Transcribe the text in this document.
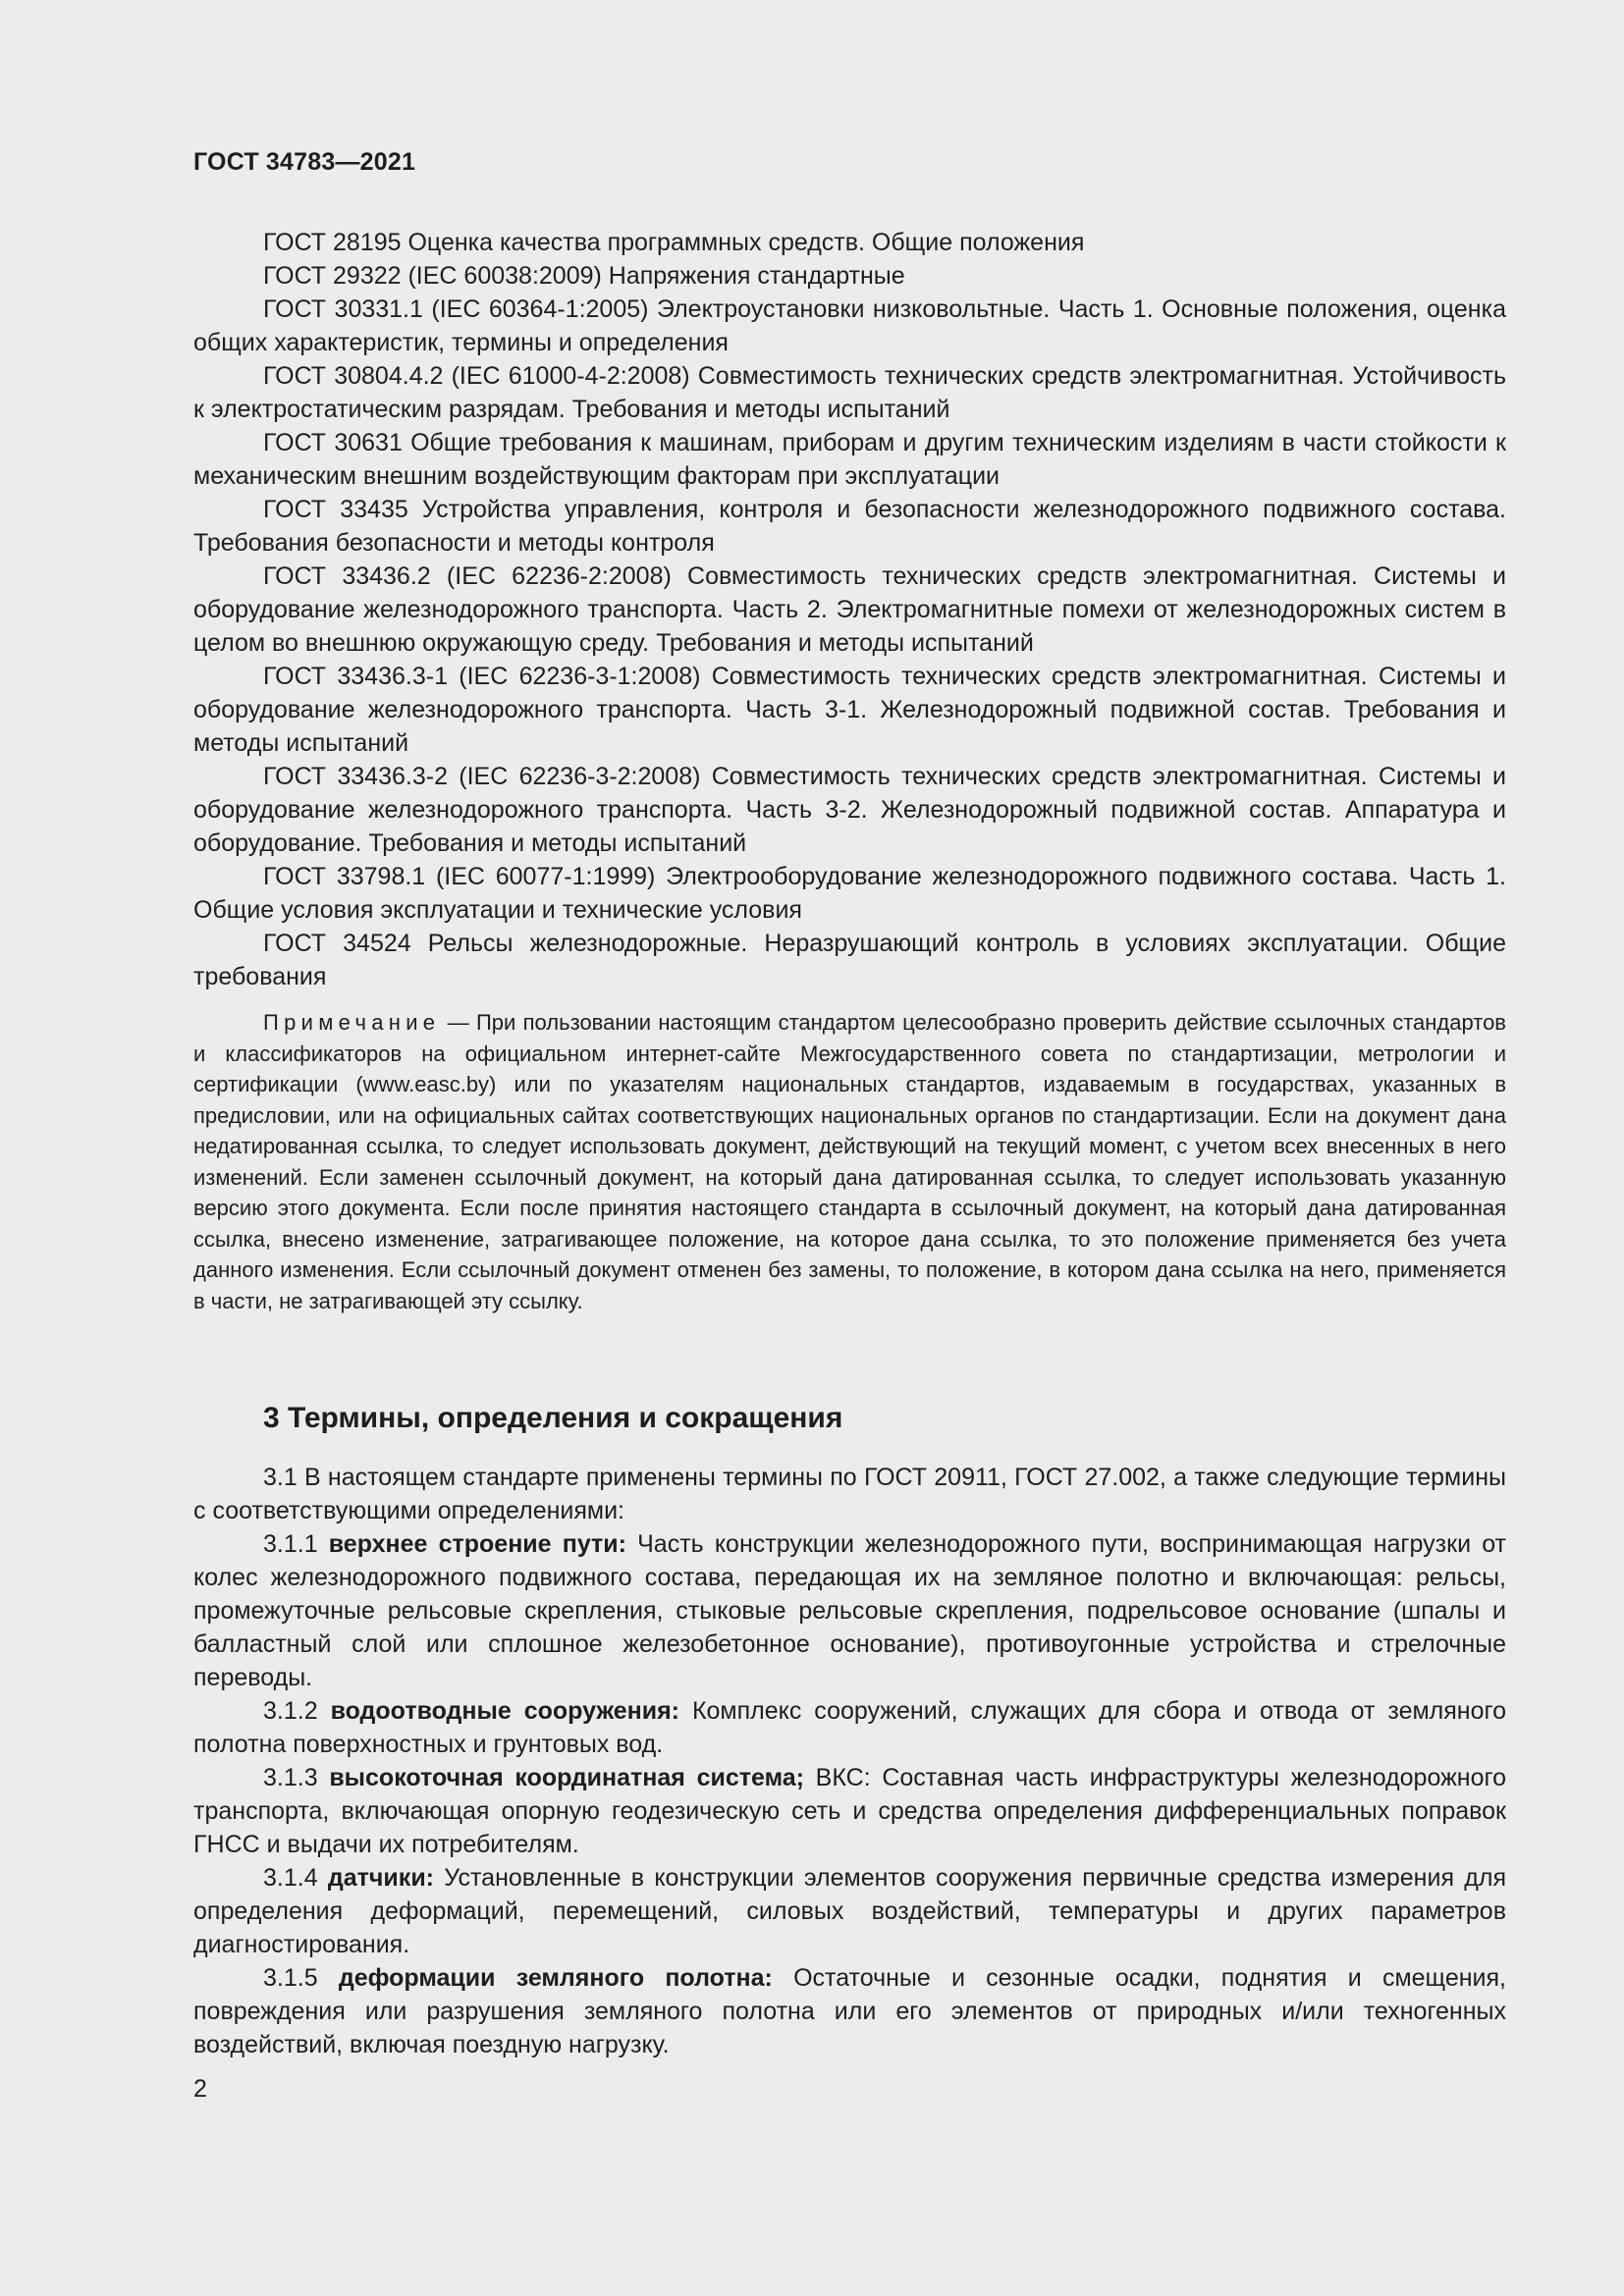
ГОСТ 34783—2021

ГОСТ 28195 Оценка качества программных средств. Общие положения

ГОСТ 29322 (IEC 60038:2009) Напряжения стандартные

ГОСТ 30331.1 (IEC 60364-1:2005) Электроустановки низковольтные. Часть 1. Основные положения, оценка общих характеристик, термины и определения

ГОСТ 30804.4.2 (IEC 61000-4-2:2008) Совместимость технических средств электромагнитная. Устойчивость к электростатическим разрядам. Требования и методы испытаний

ГОСТ 30631 Общие требования к машинам, приборам и другим техническим изделиям в части стойкости к механическим внешним воздействующим факторам при эксплуатации

ГОСТ 33435 Устройства управления, контроля и безопасности железнодорожного подвижного состава. Требования безопасности и методы контроля

ГОСТ 33436.2 (IEC 62236-2:2008) Совместимость технических средств электромагнитная. Системы и оборудование железнодорожного транспорта. Часть 2. Электромагнитные помехи от железнодорожных систем в целом во внешнюю окружающую среду. Требования и методы испытаний

ГОСТ 33436.3-1 (IEC 62236-3-1:2008) Совместимость технических средств электромагнитная. Системы и оборудование железнодорожного транспорта. Часть 3-1. Железнодорожный подвижной состав. Требования и методы испытаний

ГОСТ 33436.3-2 (IEC 62236-3-2:2008) Совместимость технических средств электромагнитная. Системы и оборудование железнодорожного транспорта. Часть 3-2. Железнодорожный подвижной состав. Аппаратура и оборудование. Требования и методы испытаний

ГОСТ 33798.1 (IEC 60077-1:1999) Электрооборудование железнодорожного подвижного состава. Часть 1. Общие условия эксплуатации и технические условия

ГОСТ 34524 Рельсы железнодорожные. Неразрушающий контроль в условиях эксплуатации. Общие требования

Примечание — При пользовании настоящим стандартом целесообразно проверить действие ссылочных стандартов и классификаторов на официальном интернет-сайте Межгосударственного совета по стандартизации, метрологии и сертификации (www.easc.by) или по указателям национальных стандартов, издаваемым в государствах, указанных в предисловии, или на официальных сайтах соответствующих национальных органов по стандартизации. Если на документ дана недатированная ссылка, то следует использовать документ, действующий на текущий момент, с учетом всех внесенных в него изменений. Если заменен ссылочный документ, на который дана датированная ссылка, то следует использовать указанную версию этого документа. Если после принятия настоящего стандарта в ссылочный документ, на который дана датированная ссылка, внесено изменение, затрагивающее положение, на которое дана ссылка, то это положение применяется без учета данного изменения. Если ссылочный документ отменен без замены, то положение, в котором дана ссылка на него, применяется в части, не затрагивающей эту ссылку.

3 Термины, определения и сокращения

3.1 В настоящем стандарте применены термины по ГОСТ 20911, ГОСТ 27.002, а также следующие термины с соответствующими определениями:

3.1.1 верхнее строение пути: Часть конструкции железнодорожного пути, воспринимающая нагрузки от колес железнодорожного подвижного состава, передающая их на земляное полотно и включающая: рельсы, промежуточные рельсовые скрепления, стыковые рельсовые скрепления, подрельсовое основание (шпалы и балластный слой или сплошное железобетонное основание), противоугонные устройства и стрелочные переводы.

3.1.2 водоотводные сооружения: Комплекс сооружений, служащих для сбора и отвода от земляного полотна поверхностных и грунтовых вод.

3.1.3 высокоточная координатная система; ВКС: Составная часть инфраструктуры железнодорожного транспорта, включающая опорную геодезическую сеть и средства определения дифференциальных поправок ГНСС и выдачи их потребителям.

3.1.4 датчики: Установленные в конструкции элементов сооружения первичные средства измерения для определения деформаций, перемещений, силовых воздействий, температуры и других параметров диагностирования.

3.1.5 деформации земляного полотна: Остаточные и сезонные осадки, поднятия и смещения, повреждения или разрушения земляного полотна или его элементов от природных и/или техногенных воздействий, включая поездную нагрузку.

2
